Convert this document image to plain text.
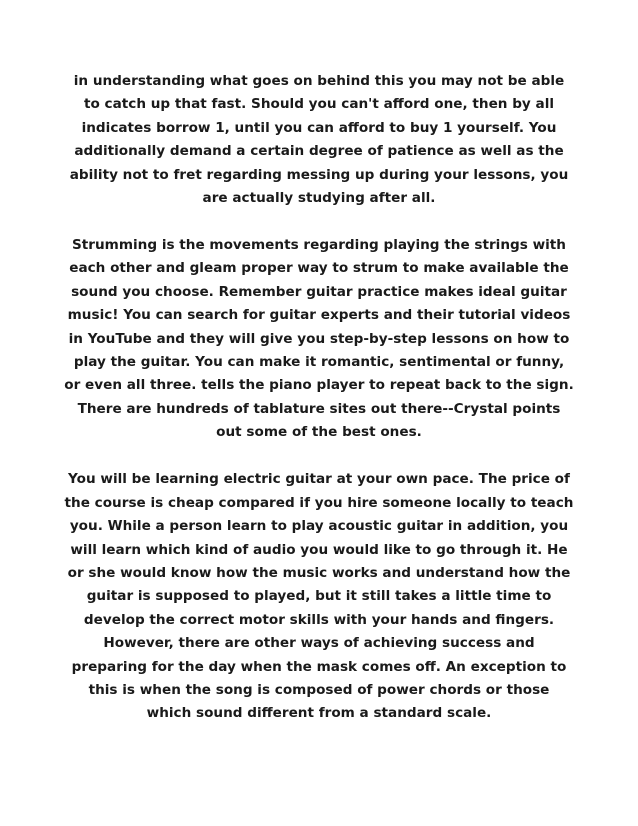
in understanding what goes on behind this you may not be able to catch up that fast. Should you can't afford one, then by all indicates borrow 1, until you can afford to buy 1 yourself. You additionally demand a certain degree of patience as well as the ability not to fret regarding messing up during your lessons, you are actually studying after all.

Strumming is the movements regarding playing the strings with each other and gleam proper way to strum to make available the sound you choose. Remember guitar practice makes ideal guitar music! You can search for guitar experts and their tutorial videos in YouTube and they will give you step-by-step lessons on how to play the guitar. You can make it romantic, sentimental or funny, or even all three. tells the piano player to repeat back to the sign. There are hundreds of tablature sites out there--Crystal points out some of the best ones.

You will be learning electric guitar at your own pace. The price of the course is cheap compared if you hire someone locally to teach you. While a person learn to play acoustic guitar in addition, you will learn which kind of audio you would like to go through it. He or she would know how the music works and understand how the guitar is supposed to played, but it still takes a little time to develop the correct motor skills with your hands and fingers. However, there are other ways of achieving success and preparing for the day when the mask comes off. An exception to this is when the song is composed of power chords or those which sound different from a standard scale.
